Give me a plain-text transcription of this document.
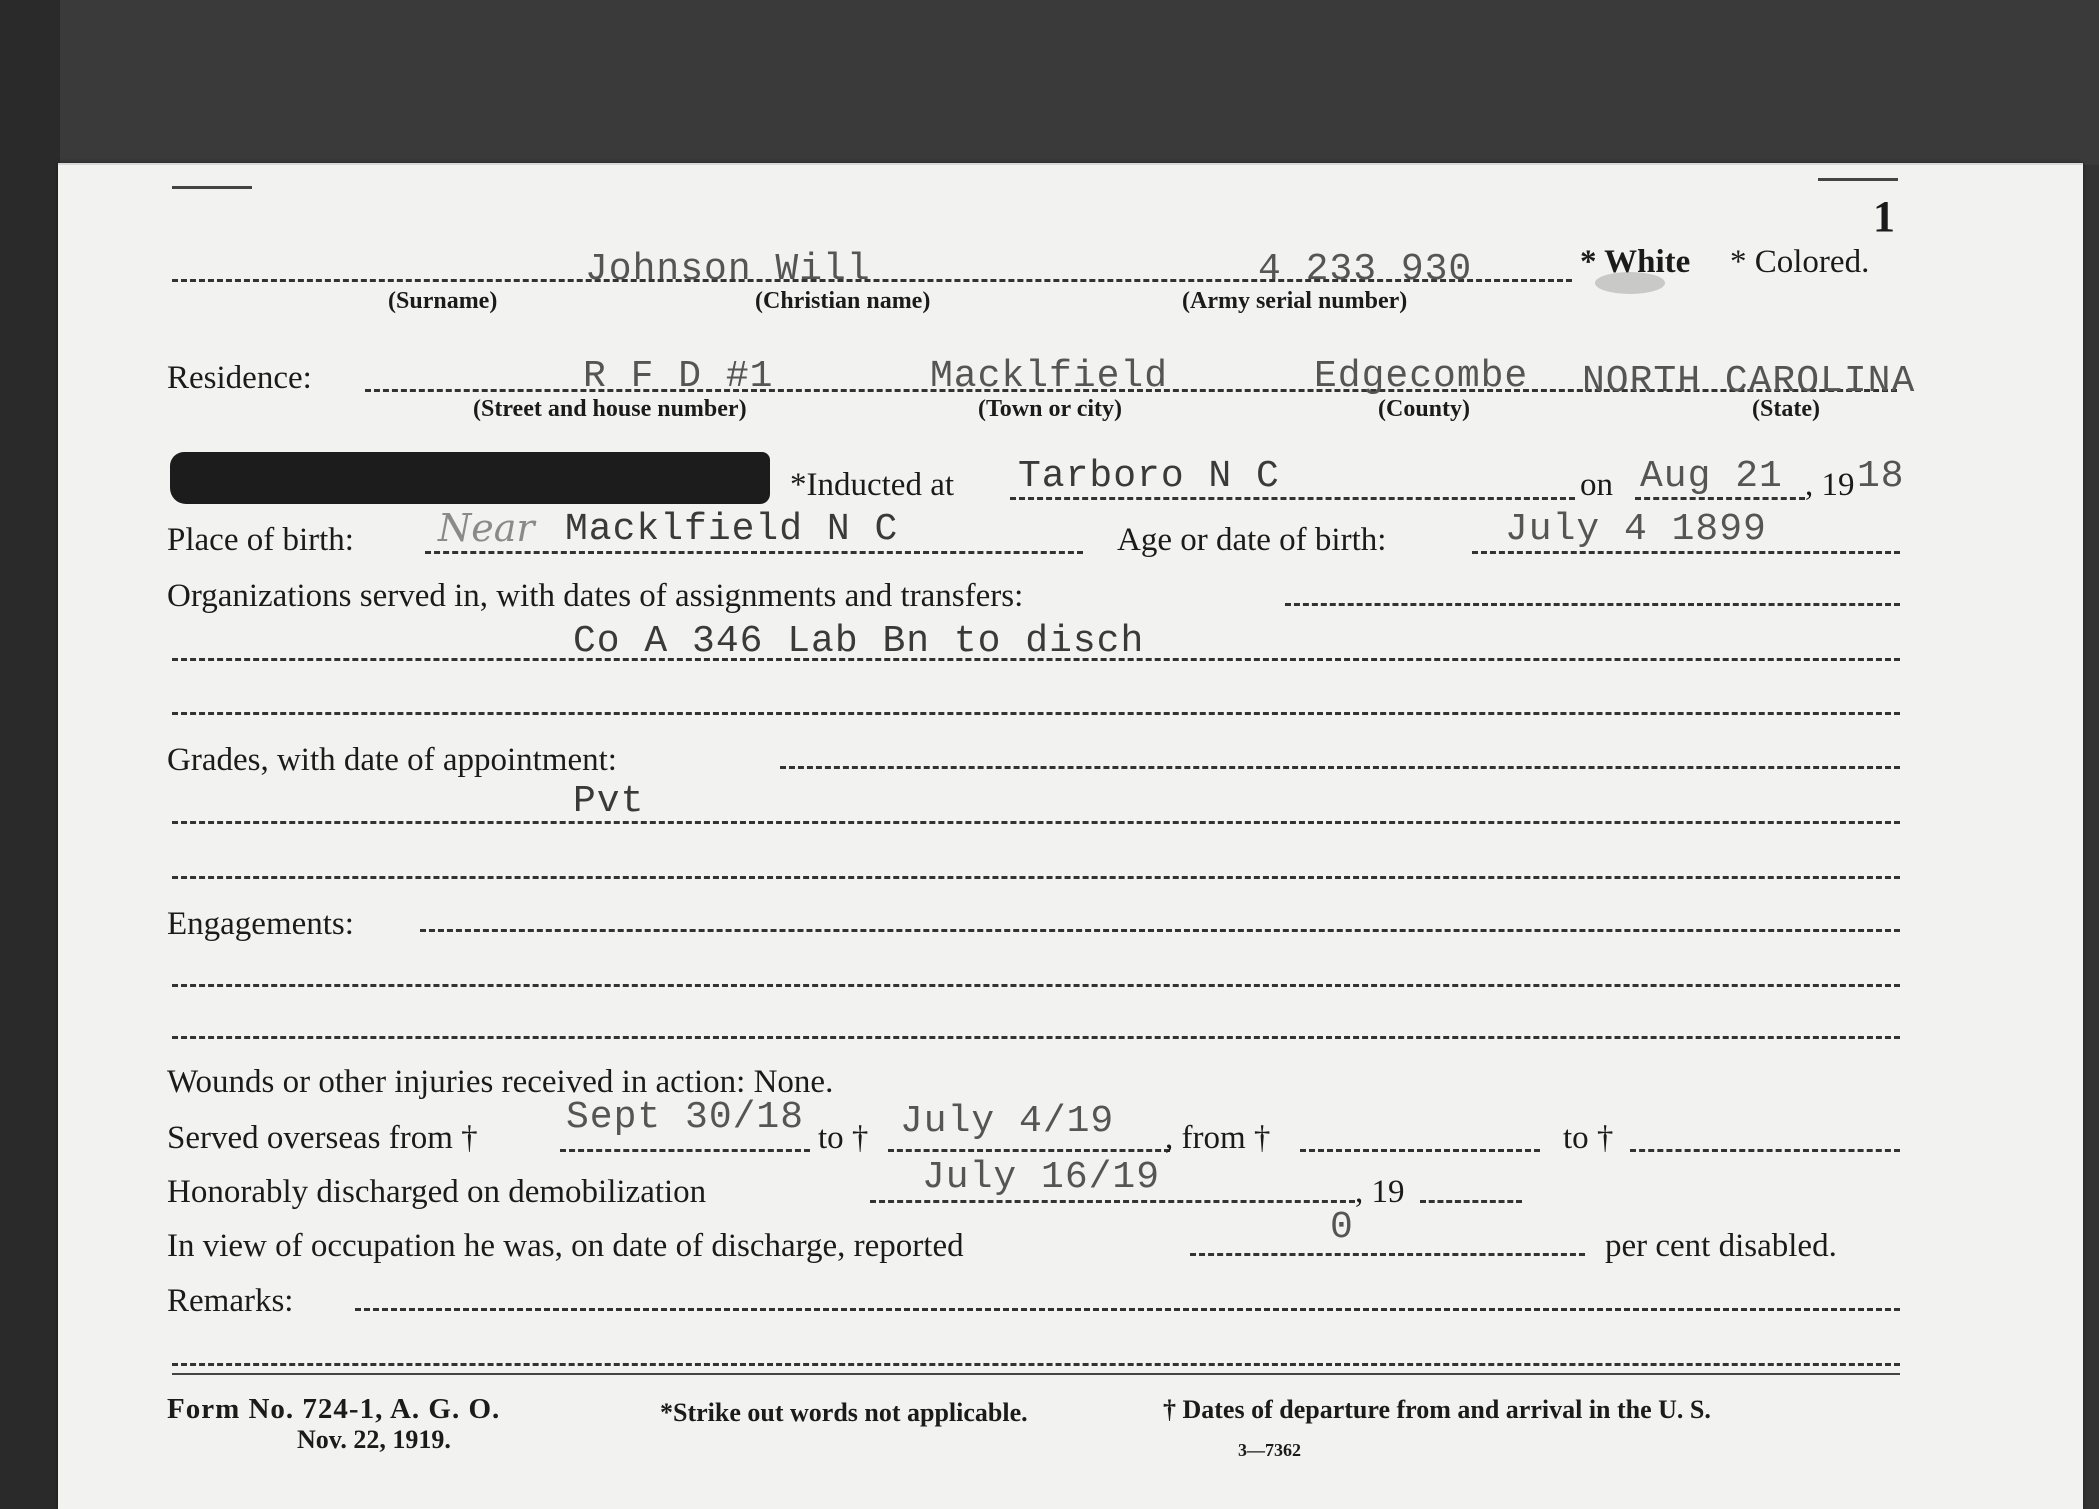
1
Johnson Will	4 233 930	* White * Colored.
(Surname)	(Christian name)	(Army serial number)
Residence:	R F D #1	Macklfield	Edgecombe NORTH CAROLINA
(Street and house number)	(Town or city)	(County)	(State)
*Inducted at Tarboro N C	on Aug 21 , 19 18
Place of birth: Near Macklfield N C	Age or date of birth:	July 4 1899
Organizations served in, with dates of assignments and transfers:
Co A 346 Lab Bn to disch
Grades, with date of appointment:
Pvt
Engagements:
Wounds or other injuries received in action: None.
Served overseas from † Sept 30/18 to † July 4/19 , from †	to †
Honorably discharged on demobilization	July 16/19	, 19
In view of occupation he was, on date of discharge, reported	0	per cent disabled.
Remarks:
Form No. 724-1, A. G. O.
Nov. 22, 1919.
*Strike out words not applicable.	† Dates of departure from and arrival in the U. S.
3—7362
